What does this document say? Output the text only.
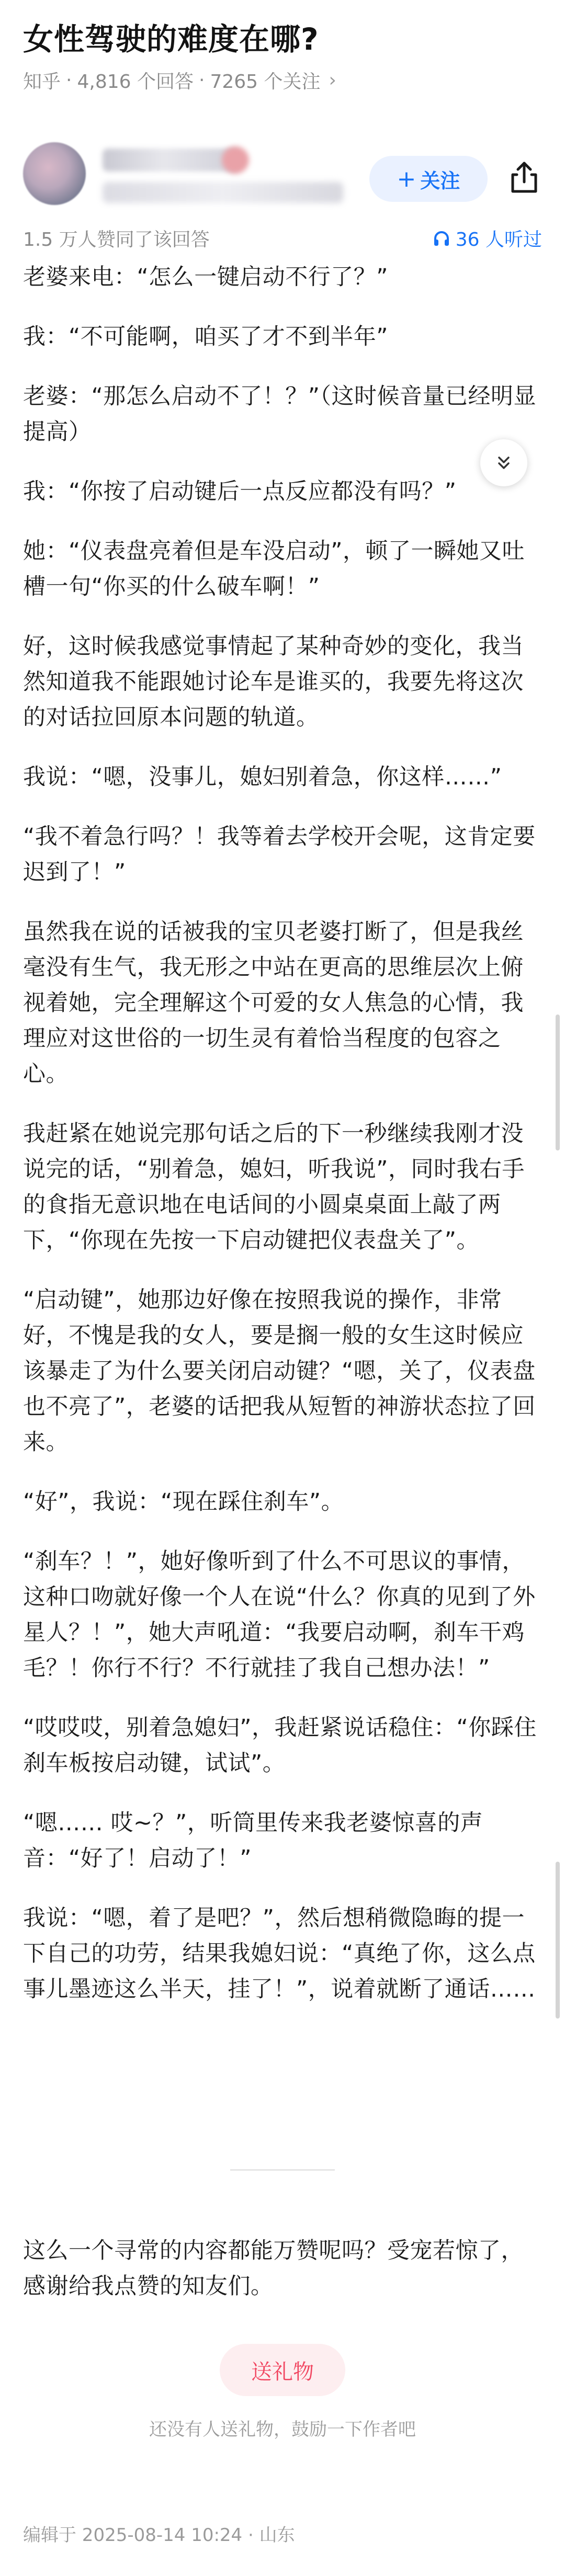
女性驾驶的难度在哪?
知乎 · 4,816 个回答 · 7265 个关注 ›
+ 关注
1.5 万人赞同了该回答	36 人听过

老婆来电：“怎么一键启动不行了？”

我：“不可能啊，咱买了才不到半年”

老婆：“那怎么启动不了！？”（这时候音量已经明显提高）

我：“你按了启动键后一点反应都没有吗？”

她：“仪表盘亮着但是车没启动”，顿了一瞬她又吐槽一句“你买的什么破车啊！”

好，这时候我感觉事情起了某种奇妙的变化，我当然知道我不能跟她讨论车是谁买的，我要先将这次的对话拉回原本问题的轨道。

我说：“嗯，没事儿，媳妇别着急，你这样……”

“我不着急行吗？！我等着去学校开会呢，这肯定要迟到了！”

虽然我在说的话被我的宝贝老婆打断了，但是我丝毫没有生气，我无形之中站在更高的思维层次上俯视着她，完全理解这个可爱的女人焦急的心情，我理应对这世俗的一切生灵有着恰当程度的包容之心。

我赶紧在她说完那句话之后的下一秒继续我刚才没说完的话，“别着急，媳妇，听我说”，同时我右手的食指无意识地在电话间的小圆桌桌面上敲了两下，“你现在先按一下启动键把仪表盘关了”。

“启动键”，她那边好像在按照我说的操作，非常好，不愧是我的女人，要是搁一般的女生这时候应该暴走了为什么要关闭启动键？“嗯，关了，仪表盘也不亮了”，老婆的话把我从短暂的神游状态拉了回来。

“好”，我说：“现在踩住刹车”。

“刹车？！”，她好像听到了什么不可思议的事情，这种口吻就好像一个人在说“什么？你真的见到了外星人？！”，她大声吼道：“我要启动啊，刹车干鸡毛？！你行不行？不行就挂了我自己想办法！”

“哎哎哎，别着急媳妇”，我赶紧说话稳住：“你踩住刹车板按启动键，试试”。

“嗯…… 哎~？”，听筒里传来我老婆惊喜的声音：“好了！启动了！”

我说：“嗯，着了是吧？”，然后想稍微隐晦的提一下自己的功劳，结果我媳妇说：“真绝了你，这么点事儿墨迹这么半天，挂了！”，说着就断了通话……

这么一个寻常的内容都能万赞呢吗？受宠若惊了，感谢给我点赞的知友们。

送礼物
还没有人送礼物，鼓励一下作者吧
编辑于 2025-08-14 10:24 · 山东
